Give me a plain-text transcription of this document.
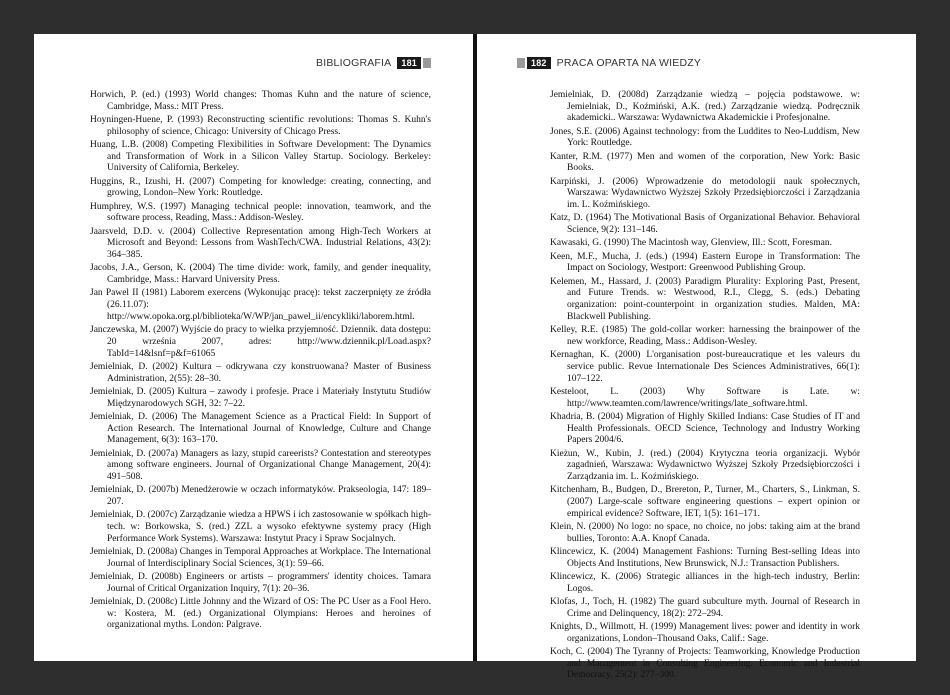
BIBLIOGRAFIA	181
Horwich, P. (ed.) (1993) World changes: Thomas Kuhn and the nature of science, Cambridge, Mass.: MIT Press.
Hoyningen-Huene, P. (1993) Reconstructing scientific revolutions: Thomas S. Kuhn's philosophy of science, Chicago: University of Chicago Press.
Huang, L.B. (2008) Competing Flexibilities in Software Development: The Dynamics and Transformation of Work in a Silicon Valley Startup. Sociology. Berkeley: University of California, Berkeley.
Huggins, R., Izushi, H. (2007) Competing for knowledge: creating, connecting, and growing, London–New York: Routledge.
Humphrey, W.S. (1997) Managing technical people: innovation, teamwork, and the software process, Reading, Mass.: Addison-Wesley.
Jaarsveld, D.D. v. (2004) Collective Representation among High-Tech Workers at Microsoft and Beyond: Lessons from WashTech/CWA. Industrial Relations, 43(2): 364–385.
Jacobs, J.A., Gerson, K. (2004) The time divide: work, family, and gender inequality, Cambridge, Mass.: Harvard University Press.
Jan Pawel II (1981) Laborem exercens (Wykonując pracę): tekst zaczerpnięty ze źródła (26.11.07): http://www.opoka.org.pl/biblioteka/W/WP/jan_pawel_ii/encykliki/laborem.html.
Janczewska, M. (2007) Wyjście do pracy to wielka przyjemność. Dziennik. data dostępu: 20 września 2007, adres: http://www.dziennik.pl/Load.aspx?TabId=14&lsnf=p&f=61065
Jemielniak, D. (2002) Kultura – odkrywana czy konstruowana? Master of Business Administration, 2(55): 28–30.
Jemielniak, D. (2005) Kultura – zawody i profesje. Prace i Materiały Instytutu Studiów Międzynarodowych SGH, 32: 7–22.
Jemielniak, D. (2006) The Management Science as a Practical Field: In Support of Action Research. The International Journal of Knowledge, Culture and Change Management, 6(3): 163–170.
Jemielniak, D. (2007a) Managers as lazy, stupid careerists? Contestation and stereotypes among software engineers. Journal of Organizational Change Management, 20(4): 491–508.
Jemielniak, D. (2007b) Menedżerowie w oczach informatyków. Prakseologia, 147: 189–207.
Jemielniak, D. (2007c) Zarządzanie wiedza a HPWS i ich zastosowanie w spółkach high-tech. w: Borkowska, S. (red.) ZZL a wysoko efektywne systemy pracy (High Performance Work Systems). Warszawa: Instytut Pracy i Spraw Socjalnych.
Jemielniak, D. (2008a) Changes in Temporal Approaches at Workplace. The International Journal of Interdisciplinary Social Sciences, 3(1): 59–66.
Jemielniak, D. (2008b) Engineers or artists – programmers' identity choices. Tamara Journal of Critical Organization Inquiry, 7(1): 20–36.
Jemielniak, D. (2008c) Little Johnny and the Wizard of OS: The PC User as a Fool Hero. w: Kostera, M. (ed.) Organizational Olympians: Heroes and heroines of organizational myths. London: Palgrave.
182 PRACA OPARTA NA WIEDZY
Jemielniak, D. (2008d) Zarządzanie wiedzą – pojęcia podstawowe. w: Jemielniak, D., Koźmiński, A.K. (red.) Zarządzanie wiedzą. Podręcznik akademicki.. Warszawa: Wydawnictwa Akademickie i Profesjonalne.
Jones, S.E. (2006) Against technology: from the Luddites to Neo-Luddism, New York: Routledge.
Kanter, R.M. (1977) Men and women of the corporation, New York: Basic Books.
Karpiński, J. (2006) Wprowadzenie do metodologii nauk społecznych, Warszawa: Wydawnictwo Wyższej Szkoły Przedsiębiorczości i Zarządzania im. L. Koźmińskiego.
Katz, D. (1964) The Motivational Basis of Organizational Behavior. Behavioral Science, 9(2): 131–146.
Kawasaki, G. (1990) The Macintosh way, Glenview, Ill.: Scott, Foresman.
Keen, M.F., Mucha, J. (eds.) (1994) Eastern Europe in Transformation: The Impact on Sociology, Westport: Greenwood Publishing Group.
Kelemen, M., Hassard, J. (2003) Paradigm Plurality: Exploring Past, Present, and Future Trends. w: Westwood, R.I., Clegg, S. (eds.) Debating organization: point-counterpoint in organization studies. Malden, MA: Blackwell Publishing.
Kelley, R.E. (1985) The gold-collar worker: harnessing the brainpower of the new workforce, Reading, Mass.: Addison-Wesley.
Kernaghan, K. (2000) L'organisation post-bureaucratique et les valeurs du service public. Revue Internationale Des Sciences Administratives, 66(1): 107–122.
Kesteloot, L. (2003) Why Software is Late. w: http://www.teamten.com/lawrence/writings/late_software.html.
Khadria, B. (2004) Migration of Highly Skilled Indians: Case Studies of IT and Health Professionals. OECD Science, Technology and Industry Working Papers 2004/6.
Kieżun, W., Kubin, J. (red.) (2004) Krytyczna teoria organizacji. Wybór zagadnień, Warszawa: Wydawnictwo Wyższej Szkoły Przedsiębiorczości i Zarządzania im. L. Koźmińskiego.
Kitchenham, B., Budgen, D., Brereton, P., Turner, M., Charters, S., Linkman, S. (2007) Large-scale software engineering questions – expert opinion or empirical evidence? Software, IET, 1(5): 161–171.
Klein, N. (2000) No logo: no space, no choice, no jobs: taking aim at the brand bullies, Toronto: A.A. Knopf Canada.
Klincewicz, K. (2004) Management Fashions: Turning Best-selling Ideas into Objects And Institutions, New Brunswick, N.J.: Transaction Publishers.
Klincewicz, K. (2006) Strategic alliances in the high-tech industry, Berlin: Logos.
Klofas, J., Toch, H. (1982) The guard subculture myth. Journal of Research in Crime and Delinquency, 18(2): 272–294.
Knights, D., Willmott, H. (1999) Management lives: power and identity in work organizations, London–Thousand Oaks, Calif.: Sage.
Koch, C. (2004) The Tyranny of Projects: Teamworking, Knowledge Production and Management in Consulting Engineering. Economic and Industrial Democracy, 25(2): 277–300.
